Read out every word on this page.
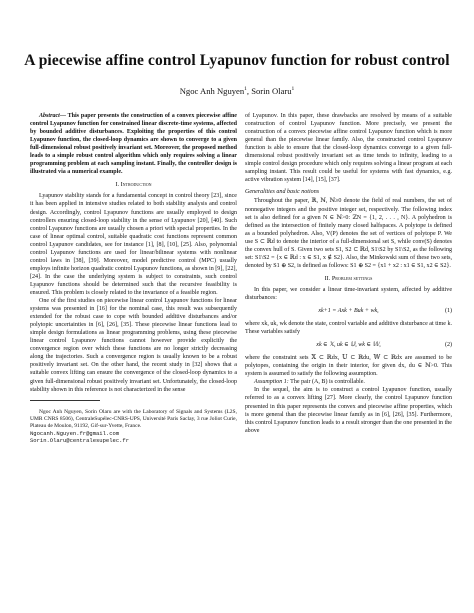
A piecewise affine control Lyapunov function for robust control
Ngoc Anh Nguyen$^1$, Sorin Olaru$^1$

Abstract— This paper presents the construction of a convex piecewise affine control Lyapunov function for constrained linear discrete-time systems, affected by bounded additive disturbances. Exploiting the properties of this control Lyapunov function, the closed-loop dynamics are shown to converge to a given full-dimensional robust positively invariant set. Moreover, the proposed method leads to a simple robust control algorithm which only requires solving a linear programming problem at each sampling instant. Finally, the controller design is illustrated via a numerical example.

I. Introduction

Lyapunov stability stands for a fundamental concept in control theory [23], since it has been applied in intensive studies related to both stability analysis and control design. Accordingly, control Lyapunov functions are usually employed to design controllers ensuring closed-loop stability in the sense of Lyapunov [20], [40]. Such control Lyapunov functions are usually chosen a priori with special properties. In the case of linear optimal control, suitable quadratic cost functions represent common control Lyapunov candidates, see for instance [1], [8], [10], [25]. Also, polynomial control Lyapunov functions are used for linear/bilinear systems with nonlinear control laws in [38], [39]. Moreover, model predictive control (MPC) usually employs infinite horizon quadratic control Lyapunov functions, as shown in [9], [22], [24]. In the case the underlying system is subject to constraints, such control Lyapunov functions should be determined such that the recursive feasibility is ensured. This problem is closely related to the invariance of a feasible region.

One of the first studies on piecewise linear control Lyapunov functions for linear systems was presented in [16] for the nominal case, this result was subsequently extended for the robust case to cope with bounded additive disturbances and/or polytopic uncertainties in [6], [26], [35]. These piecewise linear functions lead to simple design formulations as linear programming problems, using these piecewise linear control Lyapunov functions cannot however provide explicitly the convergence region over which these functions are no longer strictly decreasing along the trajectories. Such a convergence region is usually known to be a robust positively invariant set. On the other hand, the recent study in [32] shows that a suitable convex lifting can ensure the convergence of the closed-loop dynamics to a given full-dimensional robust positively invariant set. Unfortunately, the closed-loop stability shown in this reference is not characterized in the sense

Ngoc Anh Nguyen, Sorin Olaru are with the Laboratory of Signals and Systems (L2S, UMR CNRS 8506), CentraleSupélec-CNRS-UPS, Université Paris Saclay, 3 rue Joliot Curie, Plateau de Moulon, 91192, Gif-sur-Yvette, France.

Ngocanh.Nguyen.fr@gmail.com
Sorin.Olaru@centralesupelec.fr

of Lyapunov. In this paper, these drawbacks are resolved by means of a suitable construction of control Lyapunov function. More precisely, we present the construction of a convex piecewise affine control Lyapunov function which is more general than the piecewise linear family. Also, the constructed control Lyapunov function is able to ensure that the closed-loop dynamics converge to a given full-dimensional robust positively invariant set as time tends to infinity, leading to a simple control design procedure which only requires solving a linear program at each sampling instant. This result could be useful for systems with fast dynamics, e.g. active vibration system [14], [15], [37].

Generalities and basic notions

Throughout the paper, ℝ, ℕ, ℕ≥0 denote the field of real numbers, the set of nonnegative integers and the positive integer set, respectively. The following index set is also defined for a given N ∈ ℕ>0: ℤN = {1, 2, . . . , N}. A polyhedron is defined as the intersection of finitely many closed halfspaces. A polytope is defined as a bounded polyhedron. Also, V(P) denotes the set of vertices of polytope P. We use S ⊂ ℝd to denote the interior of a full-dimensional set S, while conv(S) denotes the convex hull of S. Given two sets S1, S2 ⊂ ℝd, S1\S2 by S1\S2, as the following set: S1\S2 = {x ∈ ℝd : x ∈ S1, x ∉ S2}. Also, the Minkowski sum of these two sets, denoted by S1 ⊕ S2, is defined as follows: S1 ⊕ S2 = {x1 + x2 : x1 ∈ S1, x2 ∈ S2}.

II. Problem settings

In this paper, we consider a linear time-invariant system, affected by additive disturbances:

xk+1 = Axk + Buk + wk,	(1)

where xk, uk, wk denote the state, control variable and additive disturbance at time k. These variables satisfy

xk ∈ 𝕏, uk ∈ 𝕌, wk ∈ 𝕎,	(2)

where the constraint sets 𝕏 ⊂ ℝdx, 𝕌 ⊂ ℝdu, 𝕎 ⊂ ℝdx are assumed to be polytopes, containing the origin in their interior, for given dx, du ∈ ℕ>0. This system is assumed to satisfy the following assumption.

Assumption 1: The pair (A, B) is controllable.

In the sequel, the aim is to construct a control Lyapunov function, usually referred to as a convex lifting [27]. More clearly, the control Lyapunov function presented in this paper represents the convex and piecewise affine properties, which is more general than the piecewise linear family as in [6], [26], [35]. Furthermore, this control Lyapunov function leads to a result stronger than the one presented in the above
